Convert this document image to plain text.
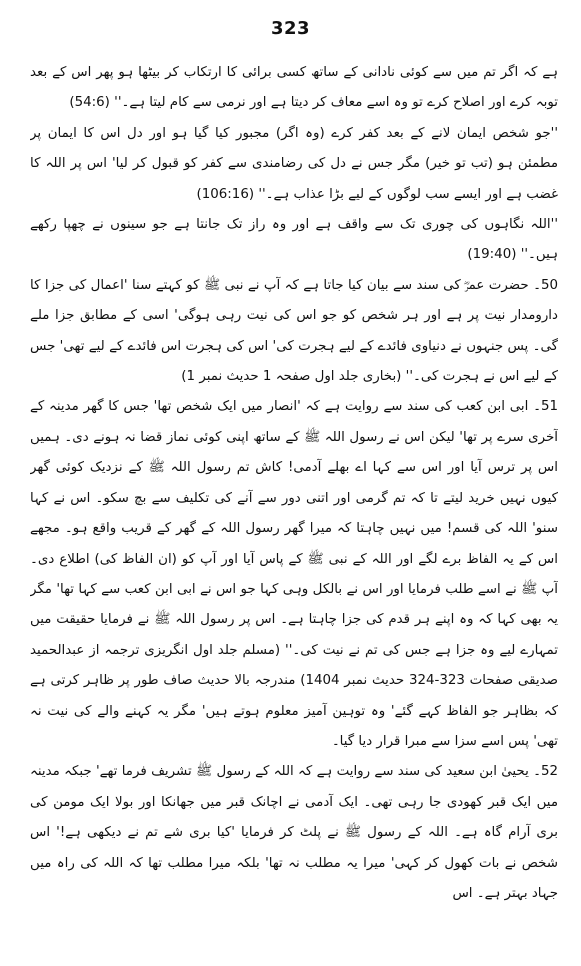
323

ہے کہ اگر تم میں سے کوئی نادانی کے ساتھ کسی برائی کا ارتکاب کر بیٹھا ہو پھر اس کے بعد توبہ کرے اور اصلاح کرے تو وہ اسے معاف کر دیتا ہے اور نرمی سے کام لیتا ہے۔'' (54:6)

''جو شخص ایمان لانے کے بعد کفر کرے (وہ اگر) مجبور کیا گیا ہو اور دل اس کا ایمان پر مطمئن ہو (تب تو خیر) مگر جس نے دل کی رضامندی سے کفر کو قبول کر لیا' اس پر اللہ کا غضب ہے اور ایسے سب لوگوں کے لیے بڑا عذاب ہے۔'' (106:16)

''اللہ نگاہوں کی چوری تک سے واقف ہے اور وہ راز تک جانتا ہے جو سینوں نے چھپا رکھے ہیں۔'' (19:40)

50۔ حضرت عمرؓ کی سند سے بیان کیا جاتا ہے کہ آپ نے نبی ﷺ کو کہتے سنا 'اعمال کی جزا کا دارومدار نیت پر ہے اور ہر شخص کو جو اس کی نیت رہی ہوگی' اسی کے مطابق جزا ملے گی۔ پس جنہوں نے دنیاوی فائدے کے لیے ہجرت کی' اس کی ہجرت اس فائدے کے لیے تھی' جس کے لیے اس نے ہجرت کی۔'' (بخاری جلد اول صفحہ 1 حدیث نمبر 1)

51۔ ابی ابن کعب کی سند سے روایت ہے کہ 'انصار میں ایک شخص تھا' جس کا گھر مدینہ کے آخری سرے پر تھا' لیکن اس نے رسول اللہ ﷺ کے ساتھ اپنی کوئی نماز قضا نہ ہونے دی۔ ہمیں اس پر ترس آیا اور اس سے کہا اے بھلے آدمی! کاش تم رسول اللہ ﷺ کے نزدیک کوئی گھر کیوں نہیں خرید لیتے تا کہ تم گرمی اور اتنی دور سے آنے کی تکلیف سے بچ سکو۔ اس نے کہا سنو' اللہ کی قسم! میں نہیں چاہتا کہ میرا گھر رسول اللہ کے گھر کے قریب واقع ہو۔ مجھے اس کے یہ الفاظ برے لگے اور اللہ کے نبی ﷺ کے پاس آیا اور آپ کو (ان الفاظ کی) اطلاع دی۔ آپ ﷺ نے اسے طلب فرمایا اور اس نے بالکل وہی کہا جو اس نے ابی ابن کعب سے کہا تھا' مگر یہ بھی کہا کہ وہ اپنے ہر قدم کی جزا چاہتا ہے۔ اس پر رسول اللہ ﷺ نے فرمایا حقیقت میں تمہارے لیے وہ جزا ہے جس کی تم نے نیت کی۔'' (مسلم جلد اول انگریزی ترجمہ از عبدالحمید صدیقی صفحات 323-324 حدیث نمبر 1404) مندرجہ بالا حدیث صاف طور پر ظاہر کرتی ہے کہ بظاہر جو الفاظ کہے گئے' وہ توہین آمیز معلوم ہوتے ہیں' مگر یہ کہنے والے کی نیت نہ تھی' پس اسے سزا سے مبرا قرار دیا گیا۔

52۔ یحییٰ ابن سعید کی سند سے روایت ہے کہ اللہ کے رسول ﷺ تشریف فرما تھے' جبکہ مدینہ میں ایک قبر کھودی جا رہی تھی۔ ایک آدمی نے اچانک قبر میں جھانکا اور بولا ایک مومن کی بری آرام گاہ ہے۔ اللہ کے رسول ﷺ نے پلٹ کر فرمایا 'کیا بری شے تم نے دیکھی ہے!' اس شخص نے بات کھول کر کہی' میرا یہ مطلب نہ تھا' بلکہ میرا مطلب تھا کہ اللہ کی راہ میں جہاد بہتر ہے۔ اس
